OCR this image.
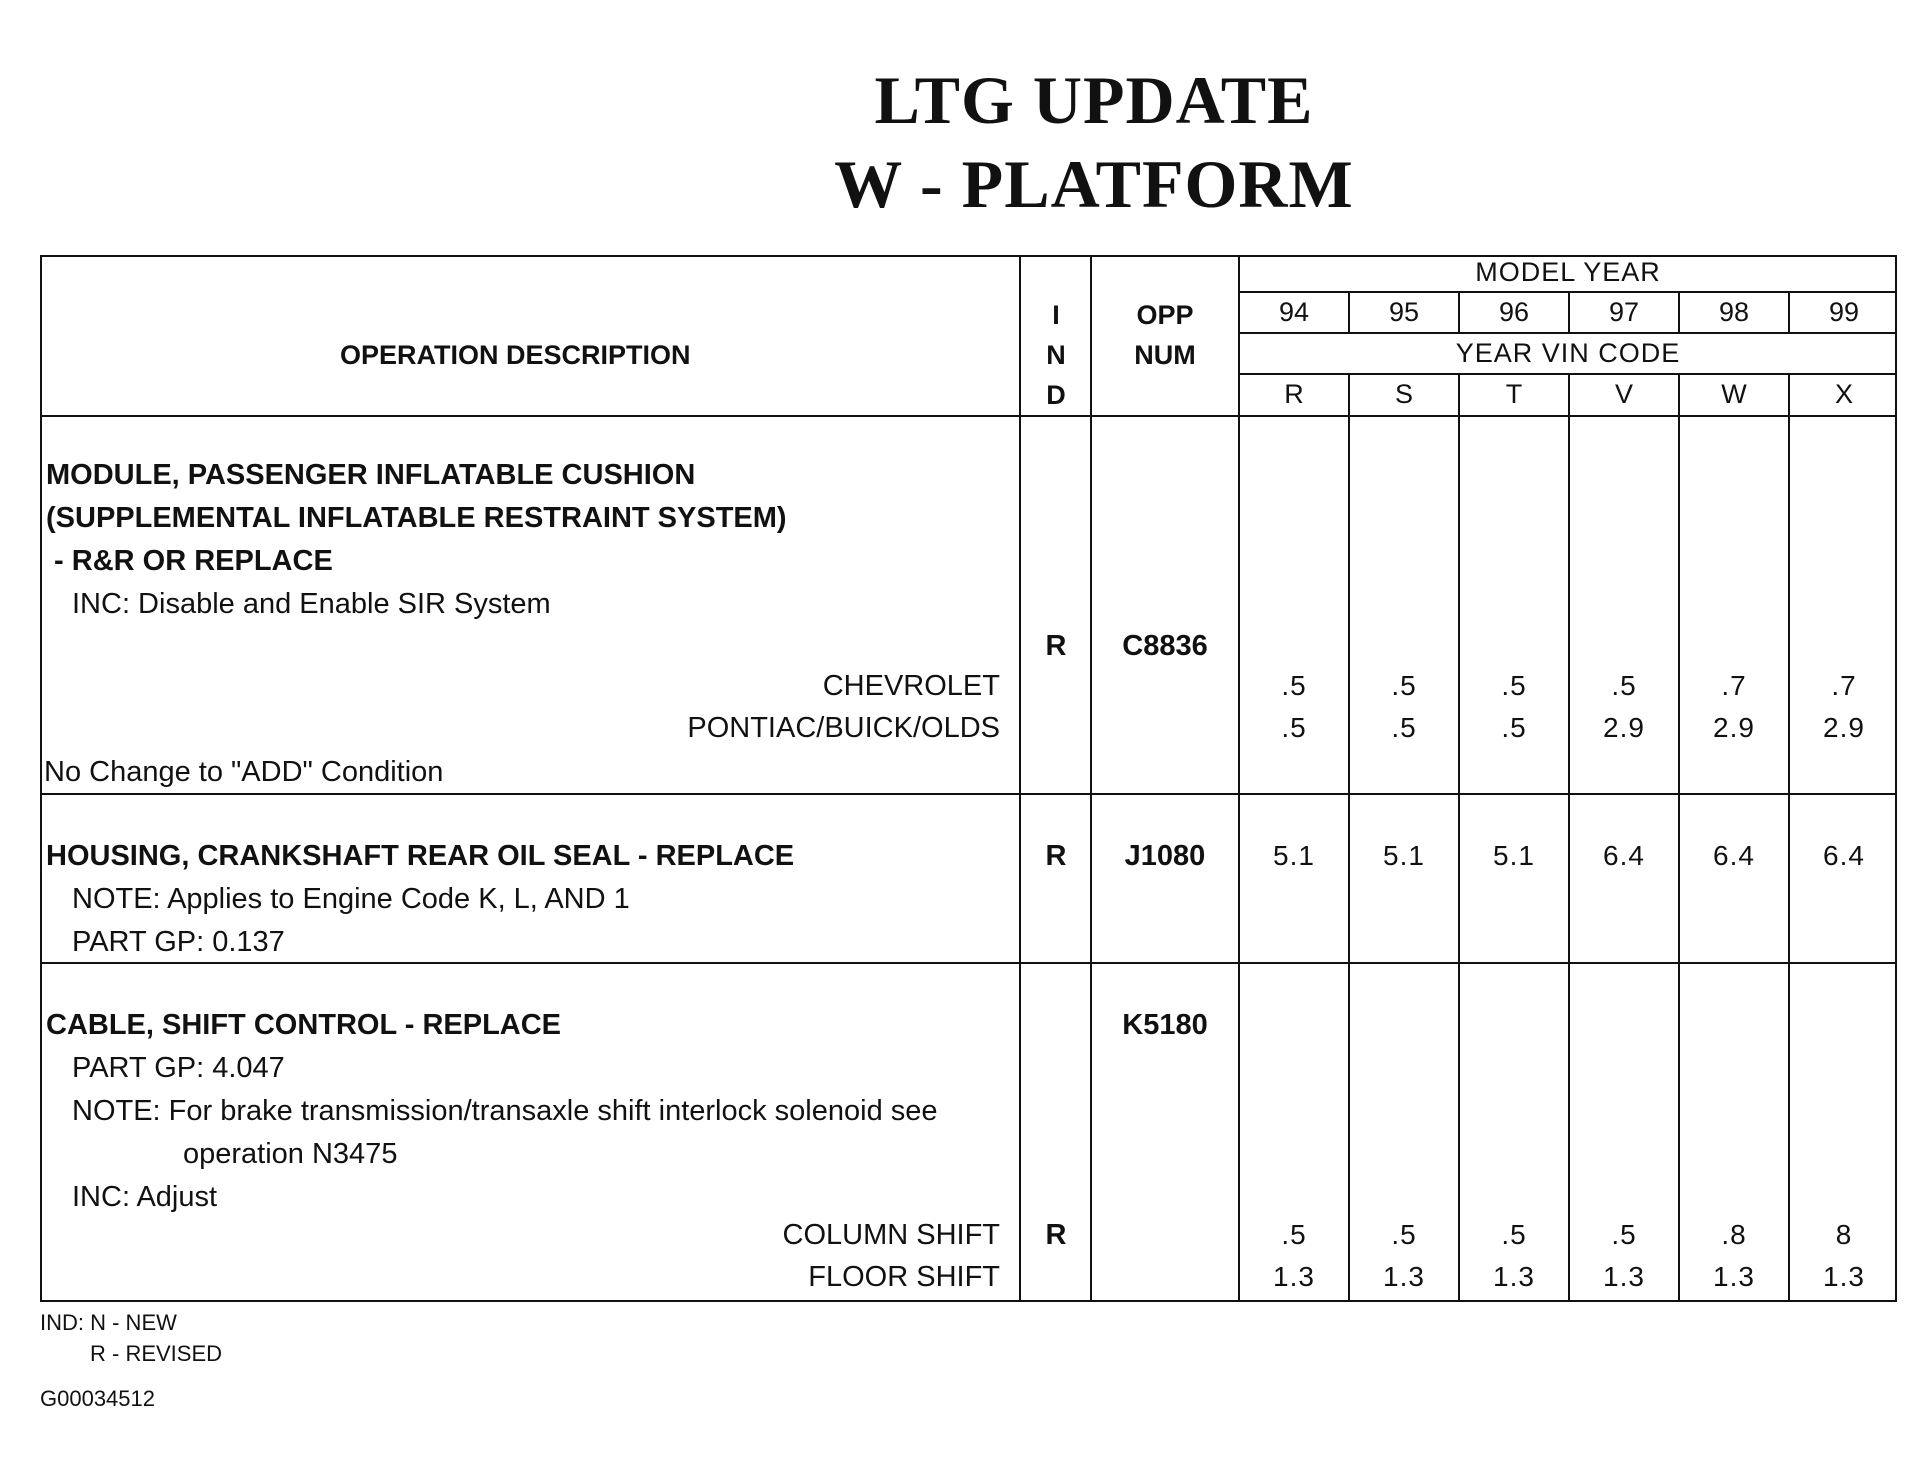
LTG UPDATE
W - PLATFORM
OPERATION DESCRIPTION
I
N
D
OPP
NUM
MODEL YEAR
94	95	96	97	98	99
YEAR VIN CODE
R	S	T	V	W	X
MODULE, PASSENGER INFLATABLE CUSHION
(SUPPLEMENTAL INFLATABLE RESTRAINT SYSTEM)
- R&R OR REPLACE
INC: Disable and Enable SIR System
R C8836
CHEVROLET	.5	.5	.5	.5	.7	.7
PONTIAC/BUICK/OLDS	.5	.5	.5	2.9 2.9 2.9
No Change to "ADD" Condition
HOUSING, CRANKSHAFT REAR OIL SEAL - REPLACE
NOTE: Applies to Engine Code K, L, AND 1
PART GP: 0.137
R J1080 5.1 5.1 5.1 6.4 6.4 6.4
CABLE, SHIFT CONTROL - REPLACE
PART GP: 4.047
NOTE: For brake transmission/transaxle shift interlock solenoid see
operation N3475
INC: Adjust
K5180
R
COLUMN SHIFT	.5	.5	.5	.5	.8	8
FLOOR SHIFT	1.3 1.3 1.3 1.3 1.3 1.3
IND: N - NEW
R - REVISED
G00034512
